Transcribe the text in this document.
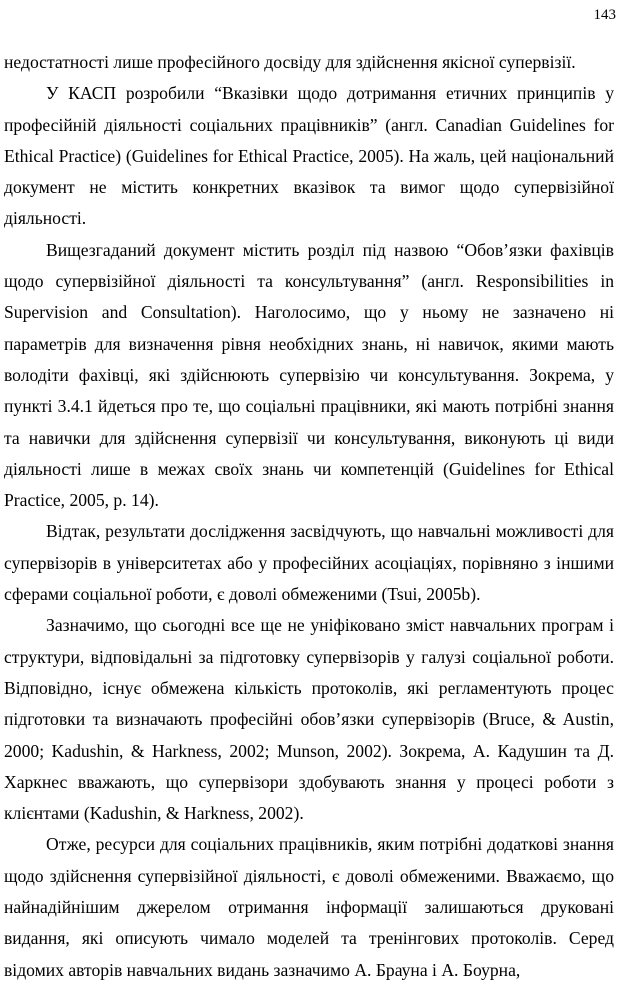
143

недостатності лише професійного досвіду для здійснення якісної супервізії.

У КАСП розробили “Вказівки щодо дотримання етичних принципів у професійній діяльності соціальних працівників” (англ. Canadian Guidelines for Ethical Practice) (Guidelines for Ethical Practice, 2005). На жаль, цей національний документ не містить конкретних вказівок та вимог щодо супервізійної діяльності.

Вищезгаданий документ містить розділ під назвою “Обов’язки фахівців щодо супервізійної діяльності та консультування” (англ. Responsibilities in Supervision and Consultation). Наголосимо, що у ньому не зазначено ні параметрів для визначення рівня необхідних знань, ні навичок, якими мають володіти фахівці, які здійснюють супервізію чи консультування. Зокрема, у пункті 3.4.1 йдеться про те, що соціальні працівники, які мають потрібні знання та навички для здійснення супервізії чи консультування, виконують ці види діяльності лише в межах своїх знань чи компетенцій (Guidelines for Ethical Practice, 2005, p. 14).

Відтак, результати дослідження засвідчують, що навчальні можливості для супервізорів в університетах або у професійних асоціаціях, порівняно з іншими сферами соціальної роботи, є доволі обмеженими (Tsui, 2005b).

Зазначимо, що сьогодні все ще не уніфіковано зміст навчальних програм і структури, відповідальні за підготовку супервізорів у галузі соціальної роботи. Відповідно, існує обмежена кількість протоколів, які регламентують процес підготовки та визначають професійні обов’язки супервізорів (Bruce, & Austin, 2000; Kadushin, & Harkness, 2002; Munson, 2002). Зокрема, А. Кадушин та Д. Харкнес вважають, що супервізори здобувають знання у процесі роботи з клієнтами (Kadushin, & Harkness, 2002).

Отже, ресурси для соціальних працівників, яким потрібні додаткові знання щодо здійснення супервізійної діяльності, є доволі обмеженими. Вважаємо, що найнадійнішим джерелом отримання інформації залишаються друковані видання, які описують чимало моделей та тренінгових протоколів. Серед відомих авторів навчальних видань зазначимо А. Брауна і А. Боурна,
